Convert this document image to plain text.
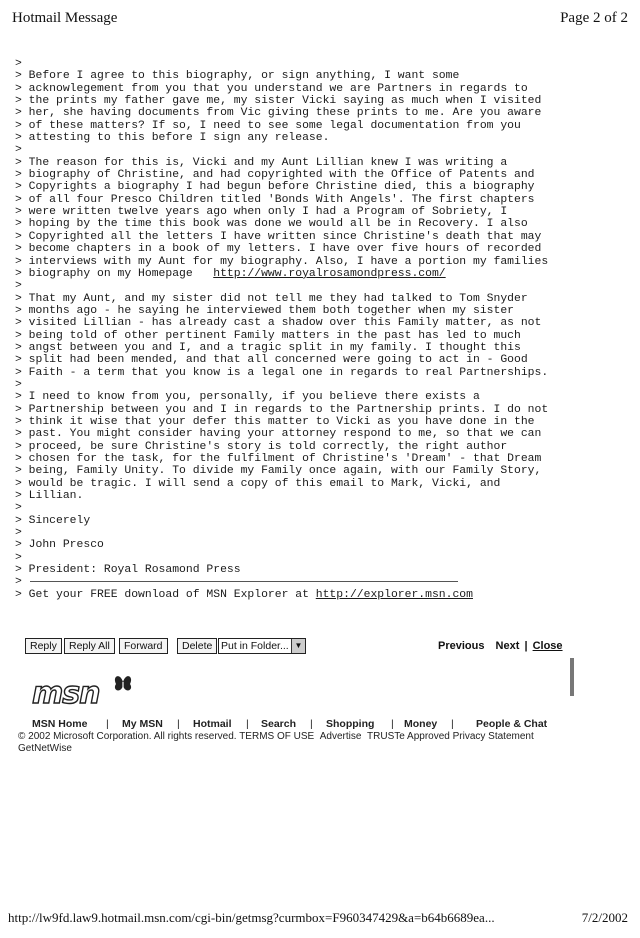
Hotmail Message	Page 2 of 2
>
> Before I agree to this biography, or sign anything, I want some
> acknowlegement from you that you understand we are Partners in regards to
> the prints my father gave me, my sister Vicki saying as much when I visited
> her, she having documents from Vic giving these prints to me. Are you aware
> of these matters? If so, I need to see some legal documentation from you
> attesting to this before I sign any release.
>
> The reason for this is, Vicki and my Aunt Lillian knew I was writing a
> biography of Christine, and had copyrighted with the Office of Patents and
> Copyrights a biography I had begun before Christine died, this a biography
> of all four Presco Children titled 'Bonds With Angels'. The first chapters
> were written twelve years ago when only I had a Program of Sobriety, I
> hoping by the time this book was done we would all be in Recovery. I also
> Copyrighted all the letters I have written since Christine's death that may
> become chapters in a book of my letters. I have over five hours of recorded
> interviews with my Aunt for my biography. Also, I have a portion my families
> biography on my Homepage   http://www.royalrosamondpress.com/
>
> That my Aunt, and my sister did not tell me they had talked to Tom Snyder
> months ago - he saying he interviewed them both together when my sister
> visited Lillian - has already cast a shadow over this Family matter, as not
> being told of other pertinent Family matters in the past has led to much
> angst between you and I, and a tragic split in my family. I thought this
> split had been mended, and that all concerned were going to act in - Good
> Faith - a term that you know is a legal one in regards to real Partnerships.
>
> I need to know from you, personally, if you believe there exists a
> Partnership between you and I in regards to the Partnership prints. I do not
> think it wise that your defer this matter to Vicki as you have done in the
> past. You might consider having your attorney respond to me, so that we can
> proceed, be sure Christine's story is told correctly, the right author
> chosen for the task, for the fulfilment of Christine's 'Dream' - that Dream
> being, Family Unity. To divide my Family once again, with our Family Story,
> would be tragic. I will send a copy of this email to Mark, Vicki, and
> Lillian.
>
> Sincerely
>
> John Presco
>
> President: Royal Rosamond Press
>
> Get your FREE download of MSN Explorer at http://explorer.msn.com
Reply	Reply All	Forward	Delete Put in Folder... ▼	Previous Next | Close
msn
MSN Home	My MSN	Hotmail	Search	Shopping	Money	People & Chat
|	|	|	|	|	|
© 2002 Microsoft Corporation. All rights reserved. TERMS OF USE Advertise TRUSTe Approved Privacy Statement
GetNetWise
http://lw9fd.law9.hotmail.msn.com/cgi-bin/getmsg?curmbox=F960347429&a=b64b6689ea...	7/2/2002
